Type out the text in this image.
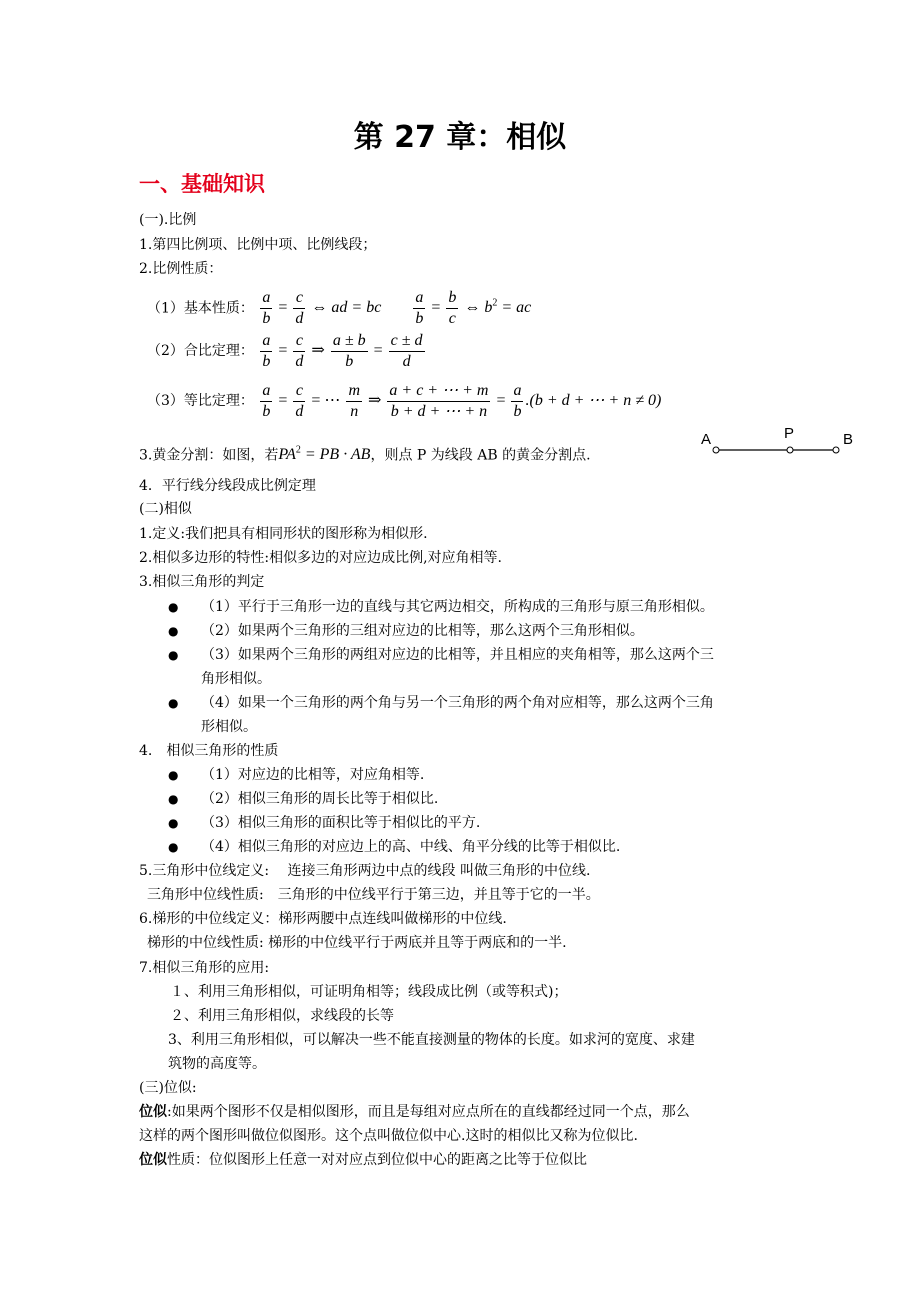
第 27 章：相似
一、基础知识
(一).比例
1.第四比例项、比例中项、比例线段；
2.比例性质：
（1）基本性质： $\frac{a}{b} = \frac{c}{d}$ ⇔ ad = bc $\frac{a}{b} = \frac{b}{c}$ ⇔ $b^2$ = ac
（2）合比定理： $\frac{a}{b} = \frac{c}{d}$ ⇒ $\frac{a \pm b}{b} = \frac{c \pm d}{d}$
（3）等比定理： $\frac{a}{b} = \frac{c}{d}$ = ⋯ $\frac{m}{n}$ ⇒ $\frac{a + c + \cdots + m}{b + d + \cdots + n} = \frac{a}{b} .(b + d$ + ⋯ + n ≠ 0)
3.黄金分割：如图，若$PA^2$ = PB · AB，则点 P 为线段 AB 的黄金分割点.
A	P	B
4．平行线分线段成比例定理
(二)相似
1.定义:我们把具有相同形状的图形称为相似形.
2.相似多边形的特性:相似多边的对应边成比例,对应角相等.
3.相似三角形的判定
● （1）平行于三角形一边的直线与其它两边相交，所构成的三角形与原三角形相似。
● （2）如果两个三角形的三组对应边的比相等，那么这两个三角形相似。
● （3）如果两个三角形的两组对应边的比相等，并且相应的夹角相等，那么这两个三
角形相似。
● （4）如果一个三角形的两个角与另一个三角形的两个角对应相等，那么这两个三角
形相似。
4.　相似三角形的性质
● （1）对应边的比相等，对应角相等.
● （2）相似三角形的周长比等于相似比.
● （3）相似三角形的面积比等于相似比的平方.
● （4）相似三角形的对应边上的高、中线、角平分线的比等于相似比.
5.三角形中位线定义:　 连接三角形两边中点的线段 叫做三角形的中位线.
三角形中位线性质:　三角形的中位线平行于第三边，并且等于它的一半。
6.梯形的中位线定义：梯形两腰中点连线叫做梯形的中位线.
梯形的中位线性质: 梯形的中位线平行于两底并且等于两底和的一半.
7.相似三角形的应用:
１、利用三角形相似，可证明角相等；线段成比例（或等积式)；
２、利用三角形相似，求线段的长等
3、利用三角形相似，可以解决一些不能直接测量的物体的长度。如求河的宽度、求建
筑物的高度等。
(三)位似:
位似:如果两个图形不仅是相似图形，而且是每组对应点所在的直线都经过同一个点，那么
这样的两个图形叫做位似图形。这个点叫做位似中心.这时的相似比又称为位似比.
位似性质：位似图形上任意一对对应点到位似中心的距离之比等于位似比
